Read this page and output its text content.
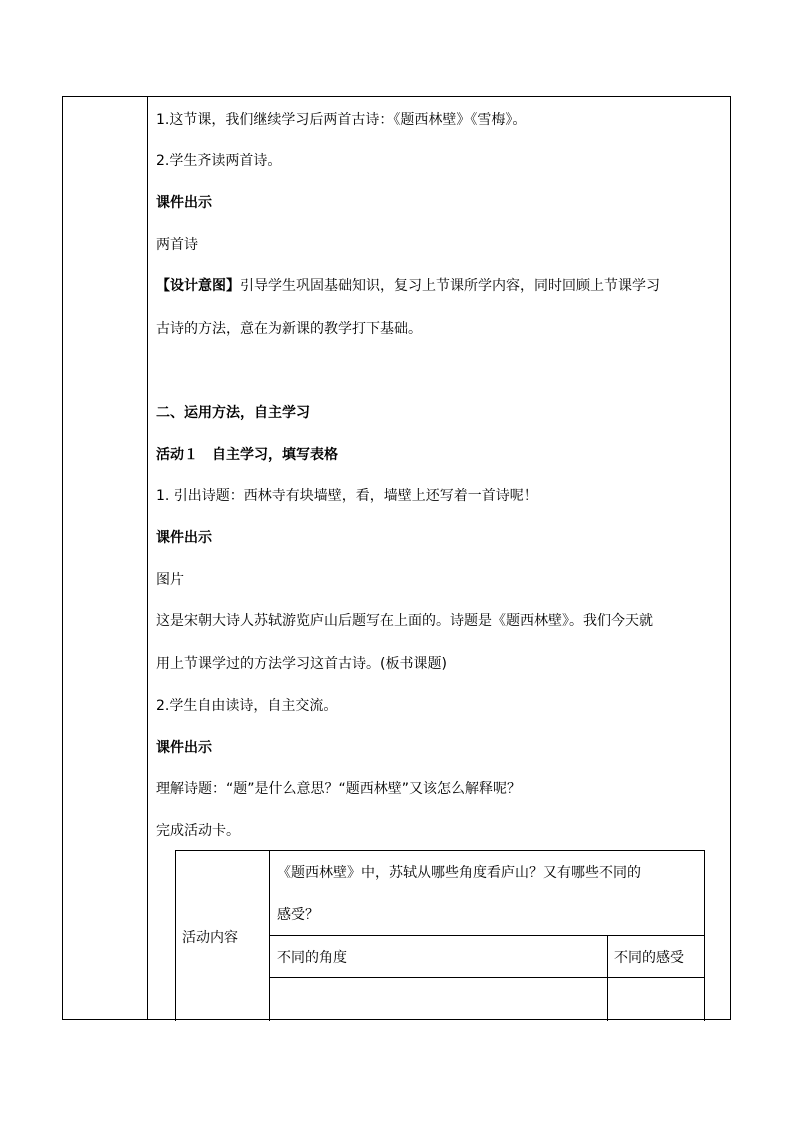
1.这节课，我们继续学习后两首古诗：《题西林壁》《雪梅》。
2.学生齐读两首诗。
课件出示
两首诗
【设计意图】引导学生巩固基础知识，复习上节课所学内容，同时回顾上节课学习
古诗的方法，意在为新课的教学打下基础。
二、运用方法，自主学习
活动１　自主学习，填写表格
1. 引出诗题：西林寺有块墙壁，看，墙壁上还写着一首诗呢！
课件出示
图片
这是宋朝大诗人苏轼游览庐山后题写在上面的。诗题是《题西林壁》。我们今天就
用上节课学过的方法学习这首古诗。(板书课题)
2.学生自由读诗，自主交流。
课件出示
理解诗题：“题”是什么意思？“题西林壁”又该怎么解释呢？
完成活动卡。
活动内容
《题西林壁》中，苏轼从哪些角度看庐山？又有哪些不同的
感受？
不同的角度	不同的感受
